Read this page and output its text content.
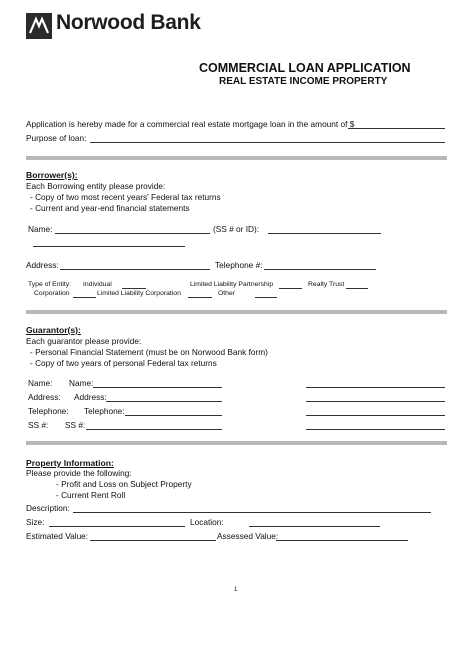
Norwood Bank
COMMERCIAL LOAN APPLICATION
REAL ESTATE INCOME PROPERTY
Application is hereby made for a commercial real estate mortgage loan in the amount of $
Purpose of loan:
Borrower(s):
Each Borrowing entity please provide:
- Copy of two most recent years' Federal tax returns
- Current and year-end financial statements
Name:	(SS # or ID):
Address:	Telephone #:
Type of Entity: Individual	Limited Liability Partnership	Realty Trust
Corporation	Limited Liability Corporation	Other
Guarantor(s):
Each guarantor please provide:
- Personal Financial Statement (must be on Norwood Bank form)
- Copy of two years of personal Federal tax returns
Name: Name:
Address: Address:
Telephone: Telephone:
SS #: SS #:
Property Information:
Please provide the following:
- Profit and Loss on Subject Property
- Current Rent Roll
Description:
Size:	Location:
Estimated Value:	Assessed Value:
1
